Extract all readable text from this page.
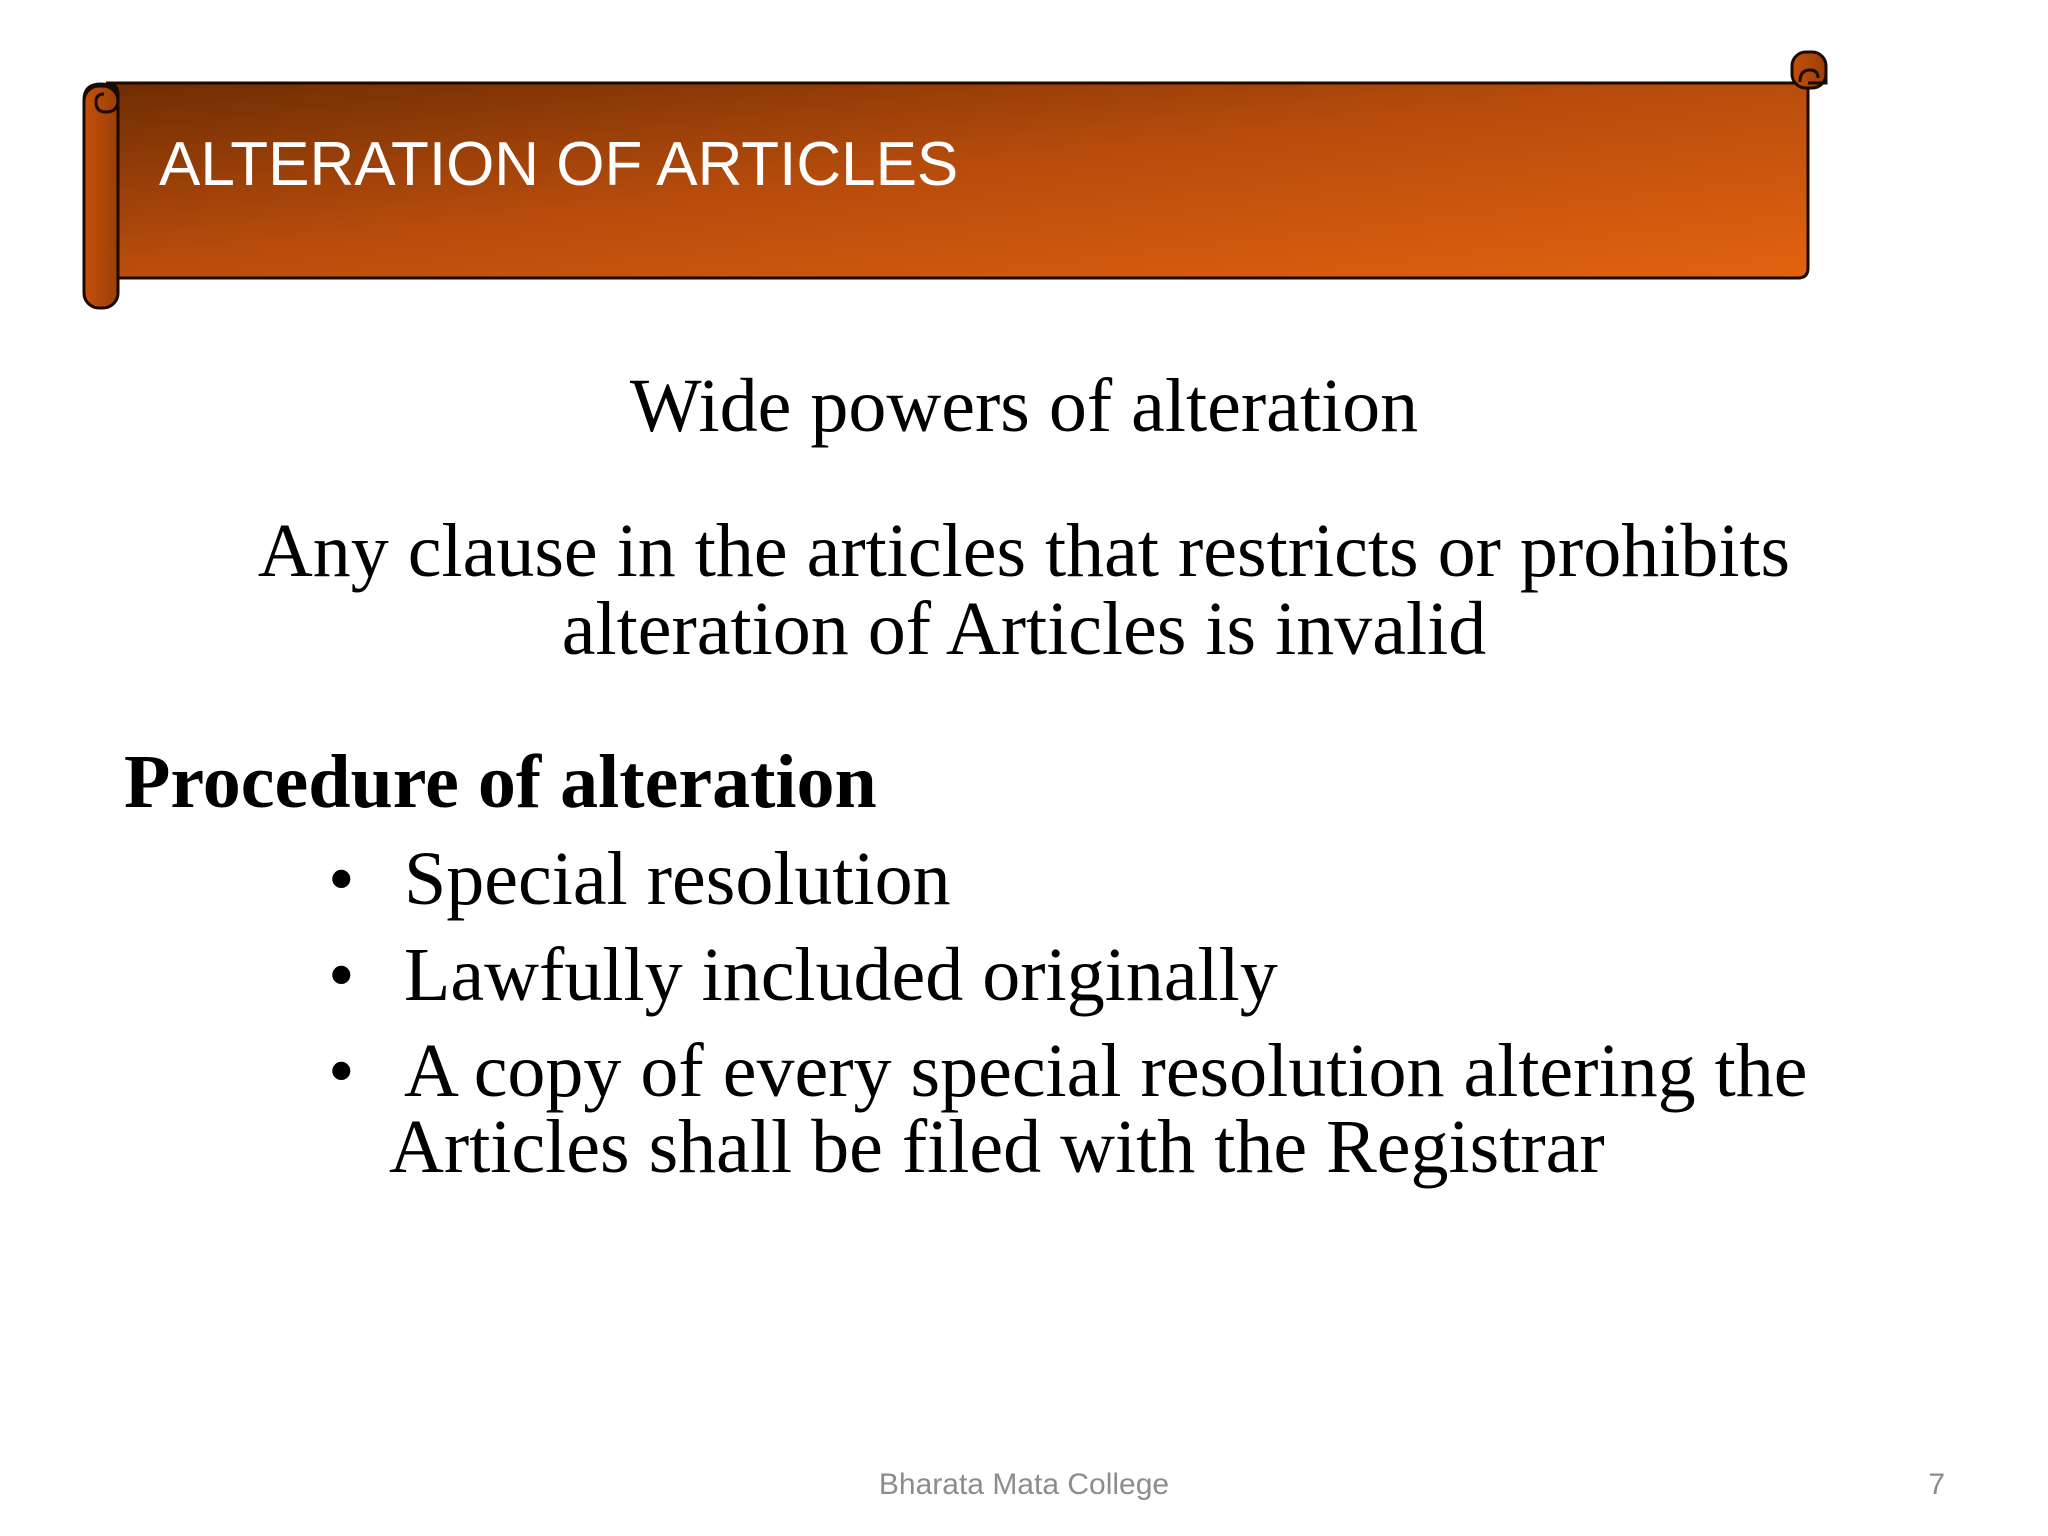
ALTERATION OF ARTICLES
Wide powers of alteration
Any clause in the articles that restricts or prohibits
alteration of Articles is invalid
Procedure of alteration
• Special resolution
• Lawfully included originally
• A copy of every special resolution altering the
Articles shall be filed with the Registrar
Bharata Mata College	7
